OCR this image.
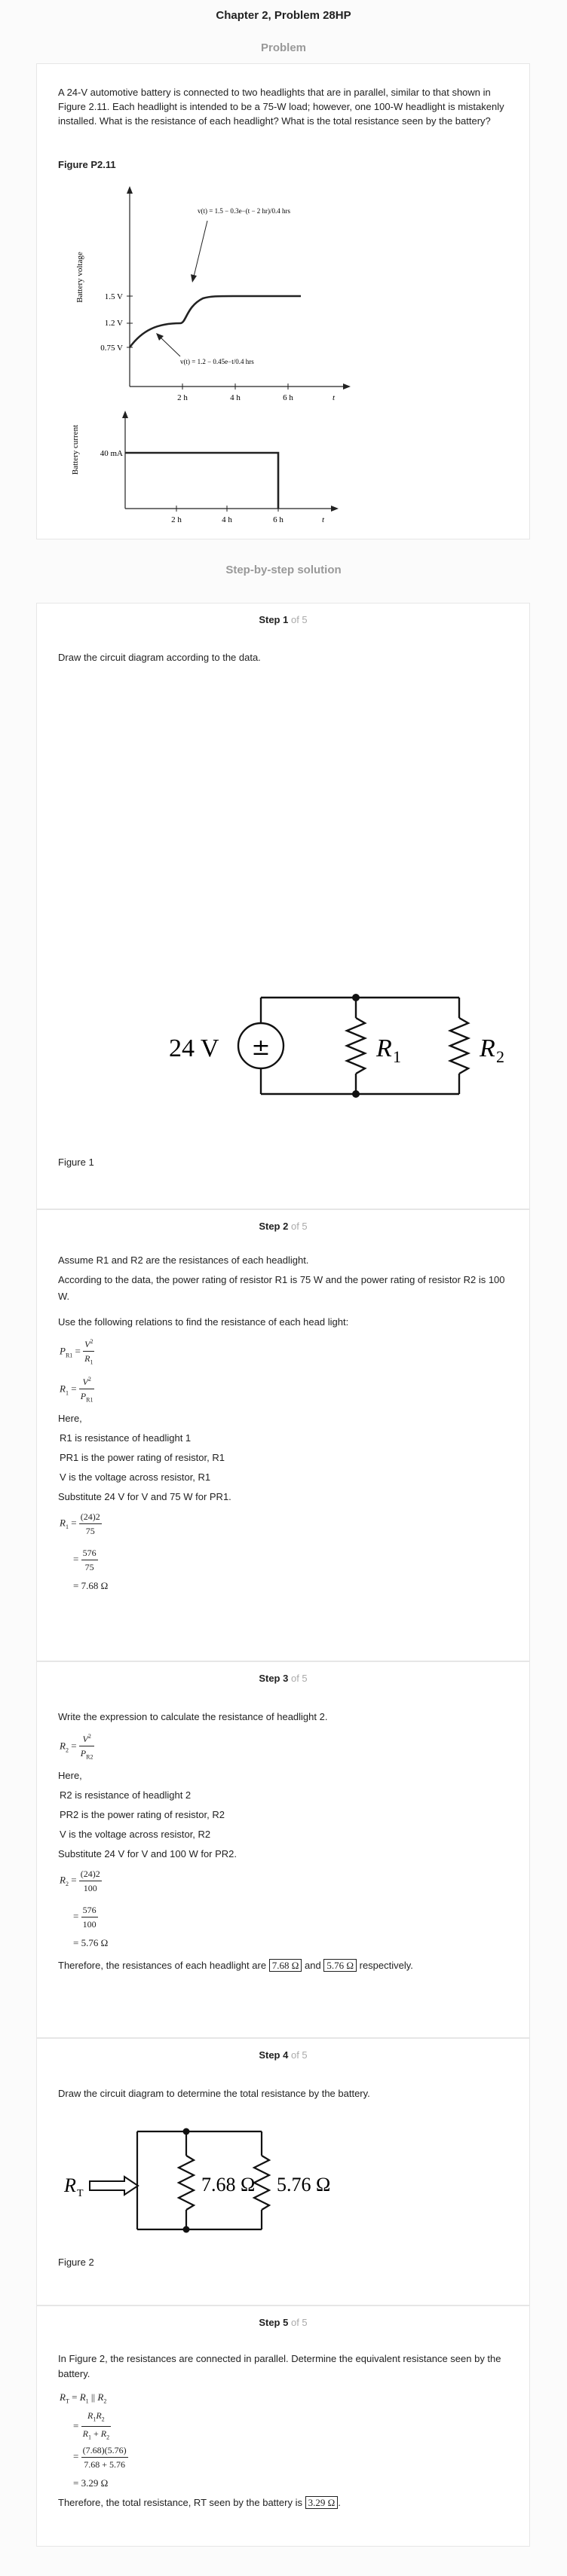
Chapter 2, Problem 28HP
Problem

A 24-V automotive battery is connected to two headlights that are in parallel, similar to that shown in Figure 2.11. Each headlight is intended to be a 75-W load; however, one 100-W headlight is mistakenly installed. What is the resistance of each headlight? What is the total resistance seen by the battery?

Figure P2.11
Battery voltage 1.5 V
1.2 V
0.75 V
2 h	4 h	6 h	t
v(t) = 1.5 − 0.3e−(t − 2 hr)/0.4 hrs
v(t) = 1.2 − 0.45e−t/0.4 hrs
Battery current 40 mA
2 h	4 h	6 h	t
Step-by-step solution
Step 1 of 5

Draw the circuit diagram according to the data.

±
24 V	R 1	R 2
Figure 1
Step 2 of 5
Assume R1 and R2 are the resistances of each headlight.
According to the data, the power rating of resistor R1 is 75 W and the power rating of resistor R2 is 100 W.
Use the following relations to find the resistance of each head light:
$P_{R1} = \frac{V^2}{R_1}$
$R_1 = \frac{V^2}{P_{R1}}$
Here,
R1 is resistance of headlight 1
PR1 is the power rating of resistor, R1
V is the voltage across resistor, R1
Substitute 24 V for V and 75 W for PR1.
$R_1 = \frac{(24)2}{75}$
= $\frac{576}{75}$
= 7.68 Ω
Step 3 of 5
Write the expression to calculate the resistance of headlight 2.
$R_2 = \frac{V^2}{P_{R2}}$
Here,
R2 is resistance of headlight 2
PR2 is the power rating of resistor, R2
V is the voltage across resistor, R2
Substitute 24 V for V and 100 W for PR2.
$R_2 = \frac{(24)2}{100}$
= $\frac{576}{100}$
= 5.76 Ω
Therefore, the resistances of each headlight are 7.68 Ω and 5.76 Ω respectively.
Step 4 of 5
Draw the circuit diagram to determine the total resistance by the battery.
R T	7.68 Ω 5.76 Ω
Figure 2
Step 5 of 5
In Figure 2, the resistances are connected in parallel. Determine the equivalent resistance seen by the battery.
$R_T = R_1$ || $R_2$
= $\frac{R_1R_2}{R_1 + R_2}$
= $\frac{(7.68)(5.76)}{7.68 + 5.76}$
= 3.29 Ω
Therefore, the total resistance, RT seen by the battery is 3.29 Ω .
